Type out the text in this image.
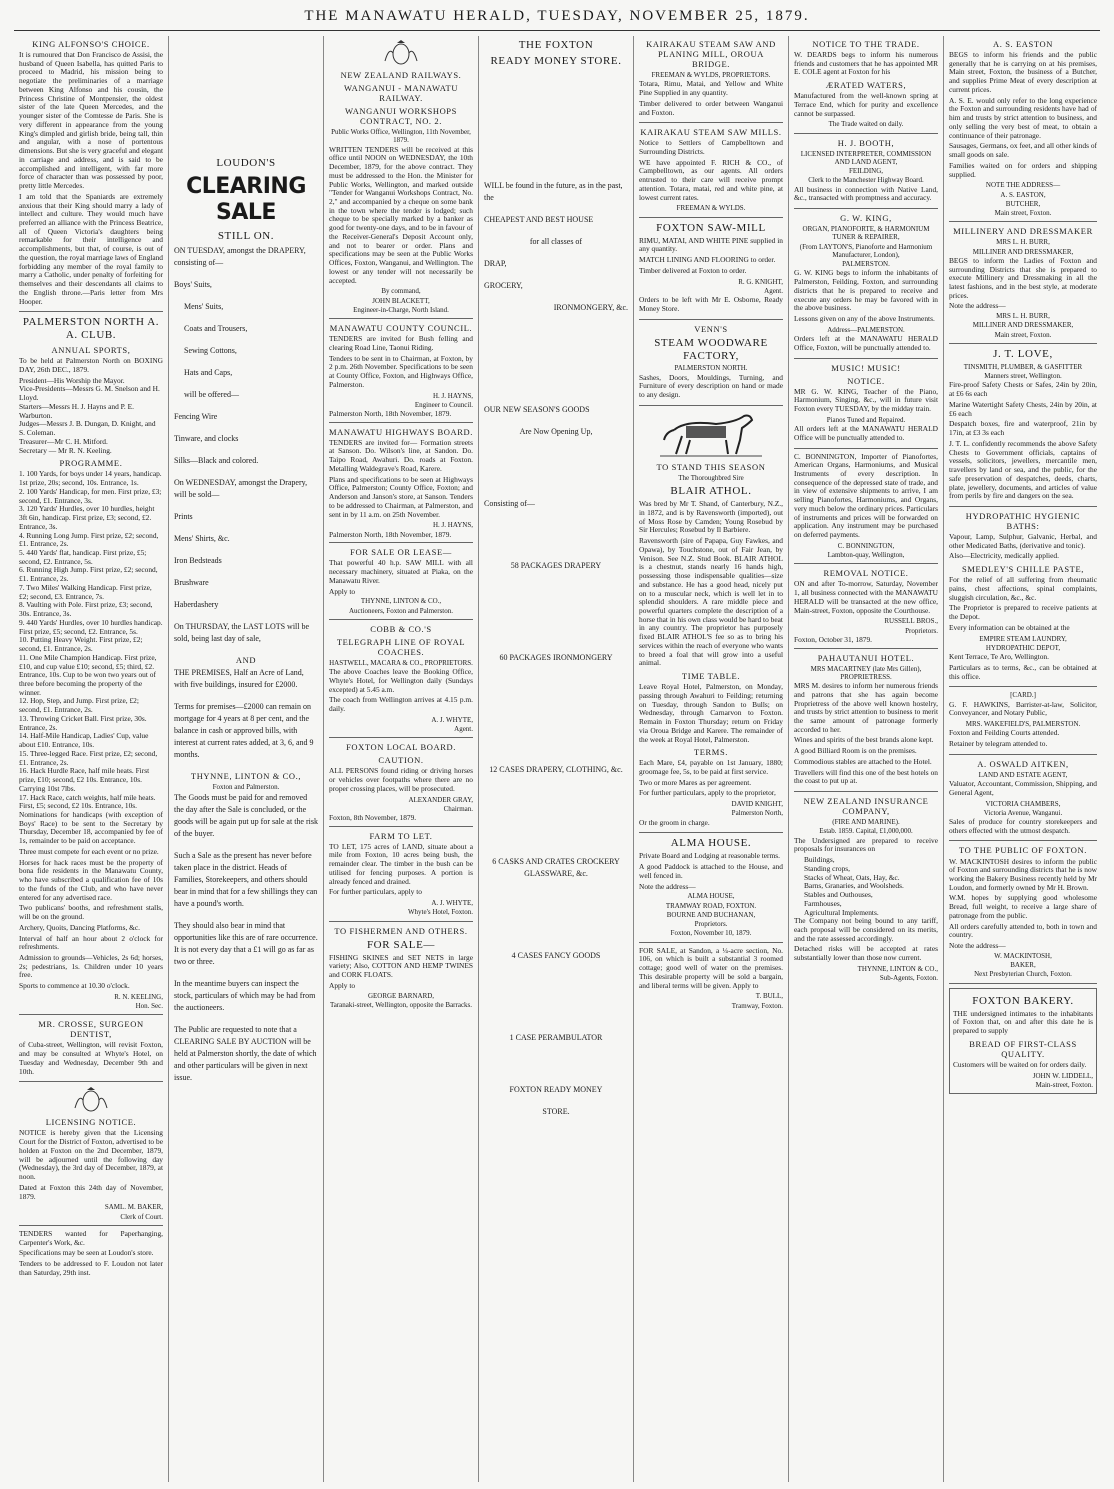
THE MANAWATU HERALD, TUESDAY, NOVEMBER 25, 1879.
KING ALFONSO'S CHOICE.

It is rumoured that Don Francisco de Assisi, the husband of Queen Isabella, has quitted Paris to proceed to Madrid, his mission being to negotiate the preliminaries of a marriage between King Alfonso and his cousin, the Princess Christine of Montpensier, the oldest sister of the late Queen Mercedes, and the younger sister of the Comtesse de Paris. She is very different in appearance from the young King's dimpled and girlish bride, being tall, thin and angular, with a nose of portentous dimensions. But she is very graceful and elegant in carriage and address, and is said to be accomplished and intelligent, with far more force of character than was possessed by poor, pretty little Mercedes.

I am told that the Spaniards are extremely anxious that their King should marry a lady of intellect and culture. They would much have preferred an alliance with the Princess Beatrice, all of Queen Victoria's daughters being remarkable for their intelligence and accomplishments, but that, of course, is out of the question, the royal marriage laws of England forbidding any member of the royal family to marry a Catholic, under penalty of forfeiting for themselves and their descendants all claims to the English throne.—Paris letter from Mrs Hooper.

PALMERSTON NORTH A. A. CLUB.
ANNUAL SPORTS,

To be held at Palmerston North on BOXING DAY, 26th DEC., 1879.

President—His Worship the Mayor.
Vice-Presidents—Messrs G. M. Snelson and H. Lloyd.
Starters—Messrs H. J. Hayns and P. E. Warburton.
Judges—Messrs J. B. Dungan, D. Knight, and S. Coleman.
Treasurer—Mr C. H. Mitford.
Secretary — Mr R. N. Keeling.
PROGRAMME.
1. 100 Yards, for boys under 14 years, handicap. 1st prize, 20s; second, 10s. Entrance, 1s.
2. 100 Yards' Handicap, for men. First prize, £3; second, £1. Entrance, 3s.
3. 120 Yards' Hurdles, over 10 hurdles, height 3ft 6in, handicap. First prize, £3; second, £2. Entrance, 3s.
4. Running Long Jump. First prize, £2; second, £1. Entrance, 2s.
5. 440 Yards' flat, handicap. First prize, £5; second, £2. Entrance, 5s.
6. Running High Jump. First prize, £2; second, £1. Entrance, 2s.
7. Two Miles' Walking Handicap. First prize, £2; second, £3. Entrance, 7s.
8. Vaulting with Pole. First prize, £3; second, 30s. Entrance, 3s.
9. 440 Yards' Hurdles, over 10 hurdles handicap. First prize, £5; second, £2. Entrance, 5s.
10. Putting Heavy Weight. First prize, £2; second, £1. Entrance, 2s.
11. One Mile Champion Handicap. First prize, £10, and cup value £10; second, £5; third, £2. Entrance, 10s. Cup to be won two years out of three before becoming the property of the winner.
12. Hop, Step, and Jump. First prize, £2; second, £1. Entrance, 2s.
13. Throwing Cricket Ball. First prize, 30s. Entrance, 2s.
14. Half-Mile Handicap, Ladies' Cup, value about £10. Entrance, 10s.
15. Three-legged Race. First prize, £2; second, £1. Entrance, 2s.
16. Hack Hurdle Race, half mile heats. First prize, £10; second, £2 10s. Entrance, 10s. Carrying 10st 7lbs.
17. Hack Race, catch weights, half mile heats. First, £5; second, £2 10s. Entrance, 10s.

Nominations for handicaps (with exception of Boys' Race) to be sent to the Secretary by Thursday, December 18, accompanied by fee of 1s, remainder to be paid on acceptance.

Three must compete for each event or no prize.

Horses for hack races must be the property of bona fide residents in the Manawatu County, who have subscribed a qualification fee of 10s to the funds of the Club, and who have never entered for any advertised race.

Two publicans' booths, and refreshment stalls, will be on the ground.

Archery, Quoits, Dancing Platforms, &c.

Interval of half an hour about 2 o'clock for refreshments.

Admission to grounds—Vehicles, 2s 6d; horses, 2s; pedestrians, 1s. Children under 10 years free.

Sports to commence at 10.30 o'clock.

R. N. KEELING,
Hon. Sec.
MR. CROSSE, SURGEON DENTIST,

of Cuba-street, Wellington, will revisit Foxton, and may be consulted at Whyte's Hotel, on Tuesday and Wednesday, December 9th and 10th.

LICENSING NOTICE.

NOTICE is hereby given that the Licensing Court for the District of Foxton, advertised to be holden at Foxton on the 2nd December, 1879, will be adjourned until the following day (Wednesday), the 3rd day of December, 1879, at noon.

Dated at Foxton this 24th day of November, 1879.

SAML. M. BAKER,
Clerk of Court.

TENDERS wanted for Paperhanging, Carpenter's Work, &c.

Specifications may be seen at Loudon's store.

Tenders to be addressed to F. Loudon not later than Saturday, 29th inst.

LOUDON'S
CLEARING SALE
STILL ON.

ON TUESDAY, amongst the DRAPERY, consisting of—

Boys' Suits,

Mens' Suits,

Coats and Trousers,

Sewing Cottons,

Hats and Caps,

will be offered—

Fencing Wire

Tinware, and clocks

Silks—Black and colored.

On WEDNESDAY, amongst the Drapery, will be sold—

Prints

Mens' Shirts, &c.

Iron Bedsteads

Brushware

Haberdashery

On THURSDAY, the LAST LOTS will be sold, being last day of sale,

AND

THE PREMISES, Half an Acre of Land, with five buildings, insured for £2000.

Terms for premises—£2000 can remain on mortgage for 4 years at 8 per cent, and the balance in cash or approved bills, with interest at current rates added, at 3, 6, and 9 months.

THYNNE, LINTON & CO.,
Foxton and Palmerston.

The Goods must be paid for and removed the day after the Sale is concluded, or the goods will be again put up for sale at the risk of the buyer.

Such a Sale as the present has never before taken place in the district. Heads of Families, Storekeepers, and others should bear in mind that for a few shillings they can have a pound's worth.

They should also bear in mind that opportunities like this are of rare occurrence. It is not every day that a £1 will go as far as two or three.

In the meantime buyers can inspect the stock, particulars of which may be had from the auctioneers.

The Public are requested to note that a CLEARING SALE BY AUCTION will be held at Palmerston shortly, the date of which and other particulars will be given in next issue.

NEW ZEALAND RAILWAYS.
WANGANUI - MANAWATU RAILWAY.
WANGANUI WORKSHOPS CONTRACT, NO. 2.
Public Works Office, Wellington, 11th November, 1879.

WRITTEN TENDERS will be received at this office until NOON on WEDNESDAY, the 10th December, 1879, for the above contract. They must be addressed to the Hon. the Minister for Public Works, Wellington, and marked outside "Tender for Wanganui Workshops Contract, No. 2," and accompanied by a cheque on some bank in the town where the tender is lodged; such cheque to be specially marked by a banker as good for twenty-one days, and to be in favour of the Receiver-General's Deposit Account only, and not to bearer or order. Plans and specifications may be seen at the Public Works Offices, Foxton, Wanganui, and Wellington. The lowest or any tender will not necessarily be accepted.

By command,
JOHN BLACKETT,
Engineer-in-Charge, North Island.
MANAWATU COUNTY COUNCIL.

TENDERS are invited for Bush felling and clearing Road Line, Taonui Riding.

Tenders to be sent in to Chairman, at Foxton, by 2 p.m. 26th November. Specifications to be seen at County Office, Foxton, and Highways Office, Palmerston.

H. J. HAYNS,
Engineer to Council.
Palmerston North, 18th November, 1879.
MANAWATU HIGHWAYS BOARD.

TENDERS are invited for— Formation streets at Sanson. Do. Wilson's line, at Sandon. Do. Taipo Road, Awahuri. Do. roads at Foxton. Metalling Waldegrave's Road, Karere.

Plans and specifications to be seen at Highways Office, Palmerston; County Office, Foxton; and Anderson and Janson's store, at Sanson. Tenders to be addressed to Chairman, at Palmerston, and sent in by 11 a.m. on 25th November.

H. J. HAYNS,
Palmerston North, 18th November, 1879.
FOR SALE OR LEASE—

That powerful 40 h.p. SAW MILL with all necessary machinery, situated at Piaka, on the Manawatu River.

Apply to
THYNNE, LINTON & CO.,
Auctioneers, Foxton and Palmerston.
COBB & CO.'S
TELEGRAPH LINE OF ROYAL COACHES.
HASTWELL, MACARA & CO., PROPRIETORS.

The above Coaches leave the Booking Office, Whyte's Hotel, for Wellington daily (Sundays excepted) at 5.45 a.m.

The coach from Wellington arrives at 4.15 p.m. daily.

A. J. WHYTE,
Agent.
FOXTON LOCAL BOARD.
CAUTION.

ALL PERSONS found riding or driving horses or vehicles over footpaths where there are no proper crossing places, will be prosecuted.

ALEXANDER GRAY,
Chairman.
Foxton, 8th November, 1879.
FARM TO LET.

TO LET, 175 acres of LAND, situate about a mile from Foxton, 10 acres being bush, the remainder clear. The timber in the bush can be utilised for fencing purposes. A portion is already fenced and drained.

For further particulars, apply to

A. J. WHYTE,
Whyte's Hotel, Foxton.
TO FISHERMEN AND OTHERS.
FOR SALE—

FISHING SKINES and SET NETS in large variety; Also, COTTON AND HEMP TWINES and CORK FLOATS.

Apply to
GEORGE BARNARD,
Taranaki-street, Wellington, opposite the Barracks.
THE FOXTON
READY MONEY STORE.

WILL be found in the future, as in the past, the

CHEAPEST AND BEST HOUSE

for all classes of

DRAP,

GROCERY,

IRONMONGERY, &c.

OUR NEW SEASON'S GOODS

Are Now Opening Up,

Consisting of—

58 PACKAGES DRAPERY

60 PACKAGES IRONMONGERY

12 CASES DRAPERY, CLOTHING, &c.

6 CASKS AND CRATES CROCKERY GLASSWARE, &c.

4 CASES FANCY GOODS

1 CASE PERAMBULATOR

FOXTON READY MONEY

STORE.

KAIRAKAU STEAM SAW AND PLANING MILL, OROUA BRIDGE.
FREEMAN & WYLDS, PROPRIETORS.

Totara, Rimu, Matai, and Yellow and White Pine Supplied in any quantity.

Timber delivered to order between Wanganui and Foxton.

KAIRAKAU STEAM SAW MILLS.

Notice to Settlers of Campbelltown and Surrounding Districts.

WE have appointed F. RICH & CO., of Campbelltown, as our agents. All orders entrusted to their care will receive prompt attention. Totara, matai, red and white pine, at lowest current rates.

FREEMAN & WYLDS.
FOXTON SAW-MILL

RIMU, MATAI, AND WHITE PINE supplied in any quantity.

MATCH LINING AND FLOORING to order.

Timber delivered at Foxton to order.

R. G. KNIGHT,
Agent.

Orders to be left with Mr E. Osborne, Ready Money Store.

VENN'S
STEAM WOODWARE FACTORY,
PALMERSTON NORTH.

Sashes, Doors, Mouldings, Turning, and Furniture of every description on hand or made to any design.

TO STAND THIS SEASON
The Thoroughbred Sire
BLAIR ATHOL.

Was bred by Mr T. Shand, of Canterbury, N.Z., in 1872, and is by Ravensworth (imported), out of Moss Rose by Camden; Young Rosebud by Sir Hercules; Rosebud by Il Barbiere.

Ravensworth (sire of Papapa, Guy Fawkes, and Opawa), by Touchstone, out of Fair Jean, by Venison. See N.Z. Stud Book. BLAIR ATHOL is a chestnut, stands nearly 16 hands high, possessing those indispensable qualities—size and substance. He has a good head, nicely put on to a muscular neck, which is well let in to splendid shoulders. A rare middle piece and powerful quarters complete the description of a horse that in his own class would be hard to beat in any country. The proprietor has purposely fixed BLAIR ATHOL'S fee so as to bring his services within the reach of everyone who wants to breed a foal that will grow into a useful animal.

TIME TABLE.

Leave Royal Hotel, Palmerston, on Monday, passing through Awahuri to Feilding; returning on Tuesday, through Sandon to Bulls; on Wednesday, through Carnarvon to Foxton. Remain in Foxton Thursday; return on Friday via Oroua Bridge and Karere. The remainder of the week at Royal Hotel, Palmerston.

TERMS.

Each Mare, £4, payable on 1st January, 1880; groomage fee, 5s, to be paid at first service.

Two or more Mares as per agreement.

For further particulars, apply to the proprietor,

DAVID KNIGHT,
Palmerston North,

Or the groom in charge.

ALMA HOUSE.

Private Board and Lodging at reasonable terms.

A good Paddock is attached to the House, and well fenced in.

Note the address—
ALMA HOUSE,
TRAMWAY ROAD, FOXTON.
BOURNE AND BUCHANAN,
Proprietors.
Foxton, November 10, 1879.

FOR SALE, at Sandon, a ¼-acre section, No. 106, on which is built a substantial 3 roomed cottage; good well of water on the premises. This desirable property will be sold a bargain, and liberal terms will be given. Apply to

T. BULL,
Tramway, Foxton.
NOTICE TO THE TRADE.

W. DEARDS begs to inform his numerous friends and customers that he has appointed MR E. COLE agent at Foxton for his

ÆRATED WATERS,

Manufactured from the well-known spring at Terrace End, which for purity and excellence cannot be surpassed.

The Trade waited on daily.
H. J. BOOTH,
LICENSED INTERPRETER, COMMISSION AND LAND AGENT,
FEILDING,
Clerk to the Manchester Highway Board.

All business in connection with Native Land, &c., transacted with promptness and accuracy.

G. W. KING,
ORGAN, PIANOFORTE, & HARMONIUM TUNER & REPAIRER,
(From LAYTON'S, Pianoforte and Harmonium Manufacturer, London),
PALMERSTON.

G. W. KING begs to inform the inhabitants of Palmerston, Feilding, Foxton, and surrounding districts that he is prepared to receive and execute any orders he may be favored with in the above business.

Lessons given on any of the above Instruments.

Address—PALMERSTON.

Orders left at the MANAWATU HERALD Office, Foxton, will be punctually attended to.

MUSIC! MUSIC!
NOTICE.

MR G. W. KING, Teacher of the Piano, Harmonium, Singing, &c., will in future visit Foxton every TUESDAY, by the midday train.

Pianos Tuned and Repaired.

All orders left at the MANAWATU HERALD Office will be punctually attended to.

C. BONNINGTON, Importer of Pianofortes, American Organs, Harmoniums, and Musical Instruments of every description. In consequence of the depressed state of trade, and in view of extensive shipments to arrive, I am selling Pianofortes, Harmoniums, and Organs, very much below the ordinary prices. Particulars of instruments and prices will be forwarded on application. Any instrument may be purchased on deferred payments.

C. BONNINGTON,
Lambton-quay, Wellington,
REMOVAL NOTICE.

ON and after To-morrow, Saturday, November 1, all business connected with the MANAWATU HERALD will be transacted at the new office, Main-street, Foxton, opposite the Courthouse.

RUSSELL BROS.,
Proprietors.
Foxton, October 31, 1879.
PAHAUTANUI HOTEL.
MRS MACARTNEY (late Mrs Gillen), PROPRIETRESS.

MRS M. desires to inform her numerous friends and patrons that she has again become Proprietress of the above well known hostelry, and trusts by strict attention to business to merit the same amount of patronage formerly accorded to her.

Wines and spirits of the best brands alone kept.

A good Billiard Room is on the premises.

Commodious stables are attached to the Hotel.

Travellers will find this one of the best hotels on the coast to put up at.

NEW ZEALAND INSURANCE COMPANY,
(FIRE AND MARINE).
Estab. 1859. Capital, £1,000,000.

The Undersigned are prepared to receive proposals for insurances on

Buildings,
Standing crops,
Stacks of Wheat, Oats, Hay, &c.
Barns, Granaries, and Woolsheds.
Stables and Outhouses,
Farmhouses,
Agricultural Implements.

The Company not being bound to any tariff, each proposal will be considered on its merits, and the rate assessed accordingly.

Detached risks will be accepted at rates substantially lower than those now current.

THYNNE, LINTON & CO.,
Sub-Agents, Foxton.
A. S. EASTON

BEGS to inform his friends and the public generally that he is carrying on at his premises, Main street, Foxton, the business of a Butcher, and supplies Prime Meat of every description at current prices.

A. S. E. would only refer to the long experience the Foxton and surrounding residents have had of him and trusts by strict attention to business, and only selling the very best of meat, to obtain a continuance of their patronage.

Sausages, Germans, ox feet, and all other kinds of small goods on sale.

Families waited on for orders and shipping supplied.

NOTE THE ADDRESS—
A. S. EASTON,
BUTCHER,
Main street, Foxton.
MILLINERY AND DRESSMAKER
MRS L. H. BURR,
MILLINER AND DRESSMAKER,

BEGS to inform the Ladies of Foxton and surrounding Districts that she is prepared to execute Millinery and Dressmaking in all the latest fashions, and in the best style, at moderate prices.

Note the address—
MRS L. H. BURR,
MILLINER AND DRESSMAKER,
Main street, Foxton.
J. T. LOVE,
TINSMITH, PLUMBER, & GASFITTER
Manners street, Wellington.

Fire-proof Safety Chests or Safes, 24in by 20in, at £6 6s each

Marine Watertight Safety Chests, 24in by 20in, at £6 each

Despatch boxes, fire and waterproof, 21in by 17in, at £3 3s each

J. T. L. confidently recommends the above Safety Chests to Government officials, captains of vessels, solicitors, jewellers, mercantile men, travellers by land or sea, and the public, for the safe preservation of despatches, deeds, charts, plate, jewellery, documents, and articles of value from perils by fire and dangers on the sea.

HYDROPATHIC HYGIENIC BATHS:

Vapour, Lamp, Sulphur, Galvanic, Herbal, and other Medicated Baths, (derivative and tonic).

Also—Electricity, medically applied.

SMEDLEY'S CHILLE PASTE,

For the relief of all suffering from rheumatic pains, chest affections, spinal complaints, sluggish circulation, &c., &c.

The Proprietor is prepared to receive patients at the Depot.

Every information can be obtained at the

EMPIRE STEAM LAUNDRY,
HYDROPATHIC DEPOT,

Kent Terrace, Te Aro, Wellington.

Particulars as to terms, &c., can be obtained at this office.

[CARD.]

G. F. HAWKINS, Barrister-at-law, Solicitor, Conveyancer, and Notary Public,

MRS. WAKEFIELD'S, PALMERSTON.

Foxton and Feilding Courts attended.

Retainer by telegram attended to.

A. OSWALD AITKEN,
LAND AND ESTATE AGENT,

Valuator, Accountant, Commission, Shipping, and General Agent,

VICTORIA CHAMBERS,
Victoria Avenue, Wanganui.

Sales of produce for country storekeepers and others effected with the utmost despatch.

TO THE PUBLIC OF FOXTON.

W. MACKINTOSH desires to inform the public of Foxton and surrounding districts that he is now working the Bakery Business recently held by Mr Loudon, and formerly owned by Mr H. Brown.

W.M. hopes by supplying good wholesome Bread, full weight, to receive a large share of patronage from the public.

All orders carefully attended to, both in town and country.

Note the address—
W. MACKINTOSH,
BAKER,
Next Presbyterian Church, Foxton.
FOXTON BAKERY.

THE undersigned intimates to the inhabitants of Foxton that, on and after this date he is prepared to supply

BREAD OF FIRST-CLASS QUALITY.

Customers will be waited on for orders daily.

JOHN W. LIDDELL,
Main-street, Foxton.
